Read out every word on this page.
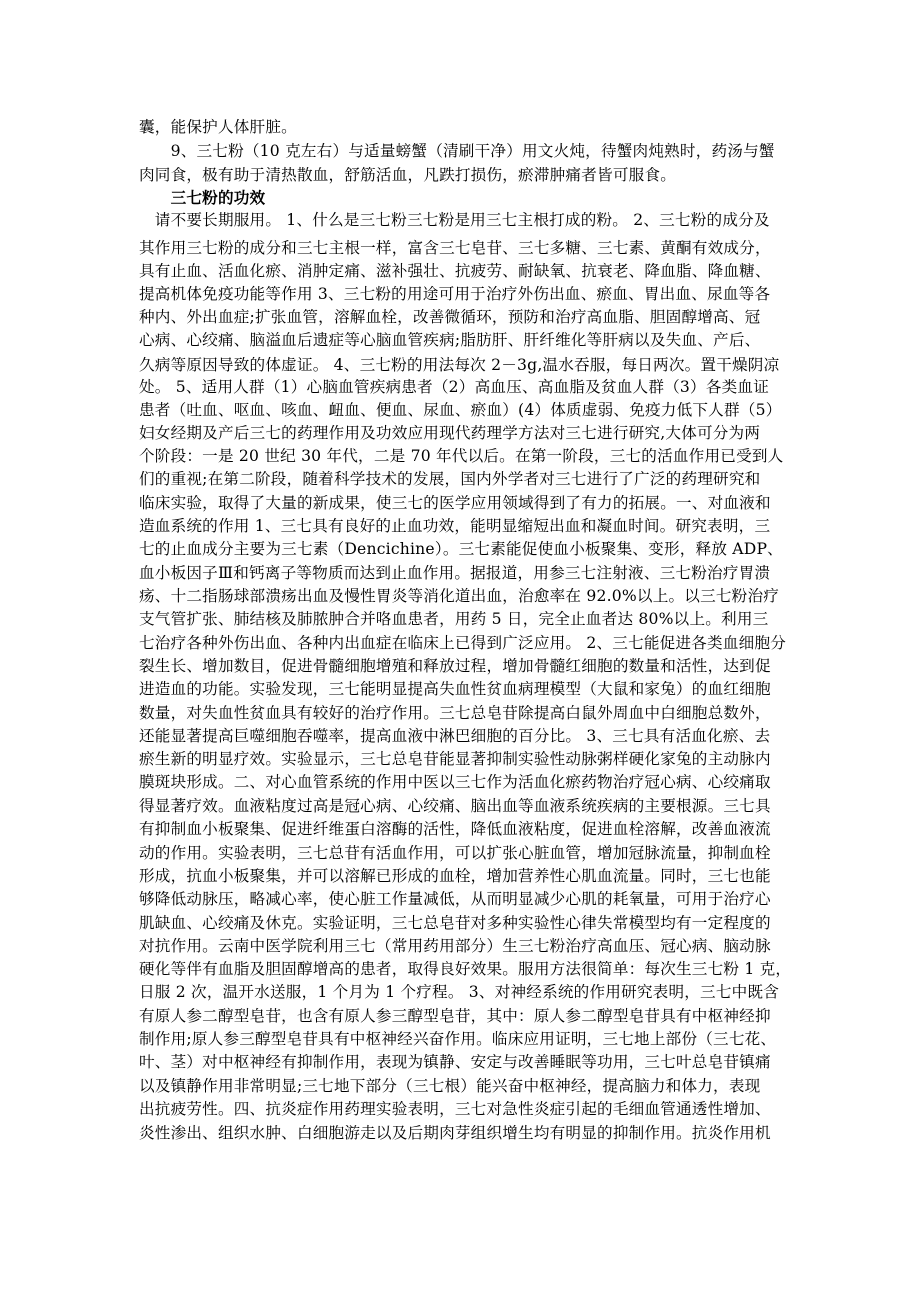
囊，能保护人体肝脏。
　　9、三七粉（10 克左右）与适量螃蟹（清刷干净）用文火炖，待蟹肉炖熟时，药汤与蟹
肉同食，极有助于清热散血，舒筋活血，凡跌打损伤，瘀滞肿痛者皆可服食。
　　三七粉的功效
　请不要长期服用。 1、什么是三七粉三七粉是用三七主根打成的粉。 2、三七粉的成分及
其作用三七粉的成分和三七主根一样，富含三七皂苷、三七多糖、三七素、黄酮有效成分，
具有止血、活血化瘀、消肿定痛、滋补强壮、抗疲劳、耐缺氧、抗衰老、降血脂、降血糖、
提高机体免疫功能等作用 3、三七粉的用途可用于治疗外伤出血、瘀血、胃出血、尿血等各
种内、外出血症;扩张血管，溶解血栓，改善微循环，预防和治疗高血脂、胆固醇增高、冠
心病、心绞痛、脑溢血后遗症等心脑血管疾病;脂肪肝、肝纤维化等肝病以及失血、产后、
久病等原因导致的体虚证。 4、三七粉的用法每次 2－3g,温水吞服，每日两次。置干燥阴凉
处。 5、适用人群（1）心脑血管疾病患者（2）高血压、高血脂及贫血人群（3）各类血证
患者（吐血、呕血、咳血、衄血、便血、尿血、瘀血）(4）体质虚弱、免疫力低下人群（5）
妇女经期及产后三七的药理作用及功效应用现代药理学方法对三七进行研究,大体可分为两
个阶段：一是 20 世纪 30 年代，二是 70 年代以后。在第一阶段，三七的活血作用已受到人
们的重视;在第二阶段，随着科学技术的发展，国内外学者对三七进行了广泛的药理研究和
临床实验，取得了大量的新成果，使三七的医学应用领域得到了有力的拓展。一、对血液和
造血系统的作用 1、三七具有良好的止血功效，能明显缩短出血和凝血时间。研究表明，三
七的止血成分主要为三七素（Dencichine）。三七素能促使血小板聚集、变形，释放 ADP、
血小板因子Ⅲ和钙离子等物质而达到止血作用。据报道，用参三七注射液、三七粉治疗胃溃
疡、十二指肠球部溃疡出血及慢性胃炎等消化道出血，治愈率在 92.0%以上。以三七粉治疗
支气管扩张、肺结核及肺脓肿合并咯血患者，用药 5 日，完全止血者达 80%以上。利用三
七治疗各种外伤出血、各种内出血症在临床上已得到广泛应用。 2、三七能促进各类血细胞分
裂生长、增加数目，促进骨髓细胞增殖和释放过程，增加骨髓红细胞的数量和活性，达到促
进造血的功能。实验发现，三七能明显提高失血性贫血病理模型（大鼠和家兔）的血红细胞
数量，对失血性贫血具有较好的治疗作用。三七总皂苷除提高白鼠外周血中白细胞总数外，
还能显著提高巨噬细胞吞噬率，提高血液中淋巴细胞的百分比。 3、三七具有活血化瘀、去
瘀生新的明显疗效。实验显示，三七总皂苷能显著抑制实验性动脉粥样硬化家兔的主动脉内
膜斑块形成。二、对心血管系统的作用中医以三七作为活血化瘀药物治疗冠心病、心绞痛取
得显著疗效。血液粘度过高是冠心病、心绞痛、脑出血等血液系统疾病的主要根源。三七具
有抑制血小板聚集、促进纤维蛋白溶酶的活性，降低血液粘度，促进血栓溶解，改善血液流
动的作用。实验表明，三七总苷有活血作用，可以扩张心脏血管，增加冠脉流量，抑制血栓
形成，抗血小板聚集，并可以溶解已形成的血栓，增加营养性心肌血流量。同时，三七也能
够降低动脉压，略减心率，使心脏工作量减低，从而明显减少心肌的耗氧量，可用于治疗心
肌缺血、心绞痛及休克。实验证明，三七总皂苷对多种实验性心律失常模型均有一定程度的
对抗作用。云南中医学院利用三七（常用药用部分）生三七粉治疗高血压、冠心病、脑动脉
硬化等伴有血脂及胆固醇增高的患者，取得良好效果。服用方法很简单：每次生三七粉 1 克，
日服 2 次，温开水送服，1 个月为 1 个疗程。 3、对神经系统的作用研究表明，三七中既含
有原人参二醇型皂苷，也含有原人参三醇型皂苷，其中：原人参二醇型皂苷具有中枢神经抑
制作用;原人参三醇型皂苷具有中枢神经兴奋作用。临床应用证明，三七地上部份（三七花、
叶、茎）对中枢神经有抑制作用，表现为镇静、安定与改善睡眠等功用，三七叶总皂苷镇痛
以及镇静作用非常明显;三七地下部分（三七根）能兴奋中枢神经，提高脑力和体力，表现
出抗疲劳性。四、抗炎症作用药理实验表明，三七对急性炎症引起的毛细血管通透性增加、
炎性渗出、组织水肿、白细胞游走以及后期肉芽组织增生均有明显的抑制作用。抗炎作用机
